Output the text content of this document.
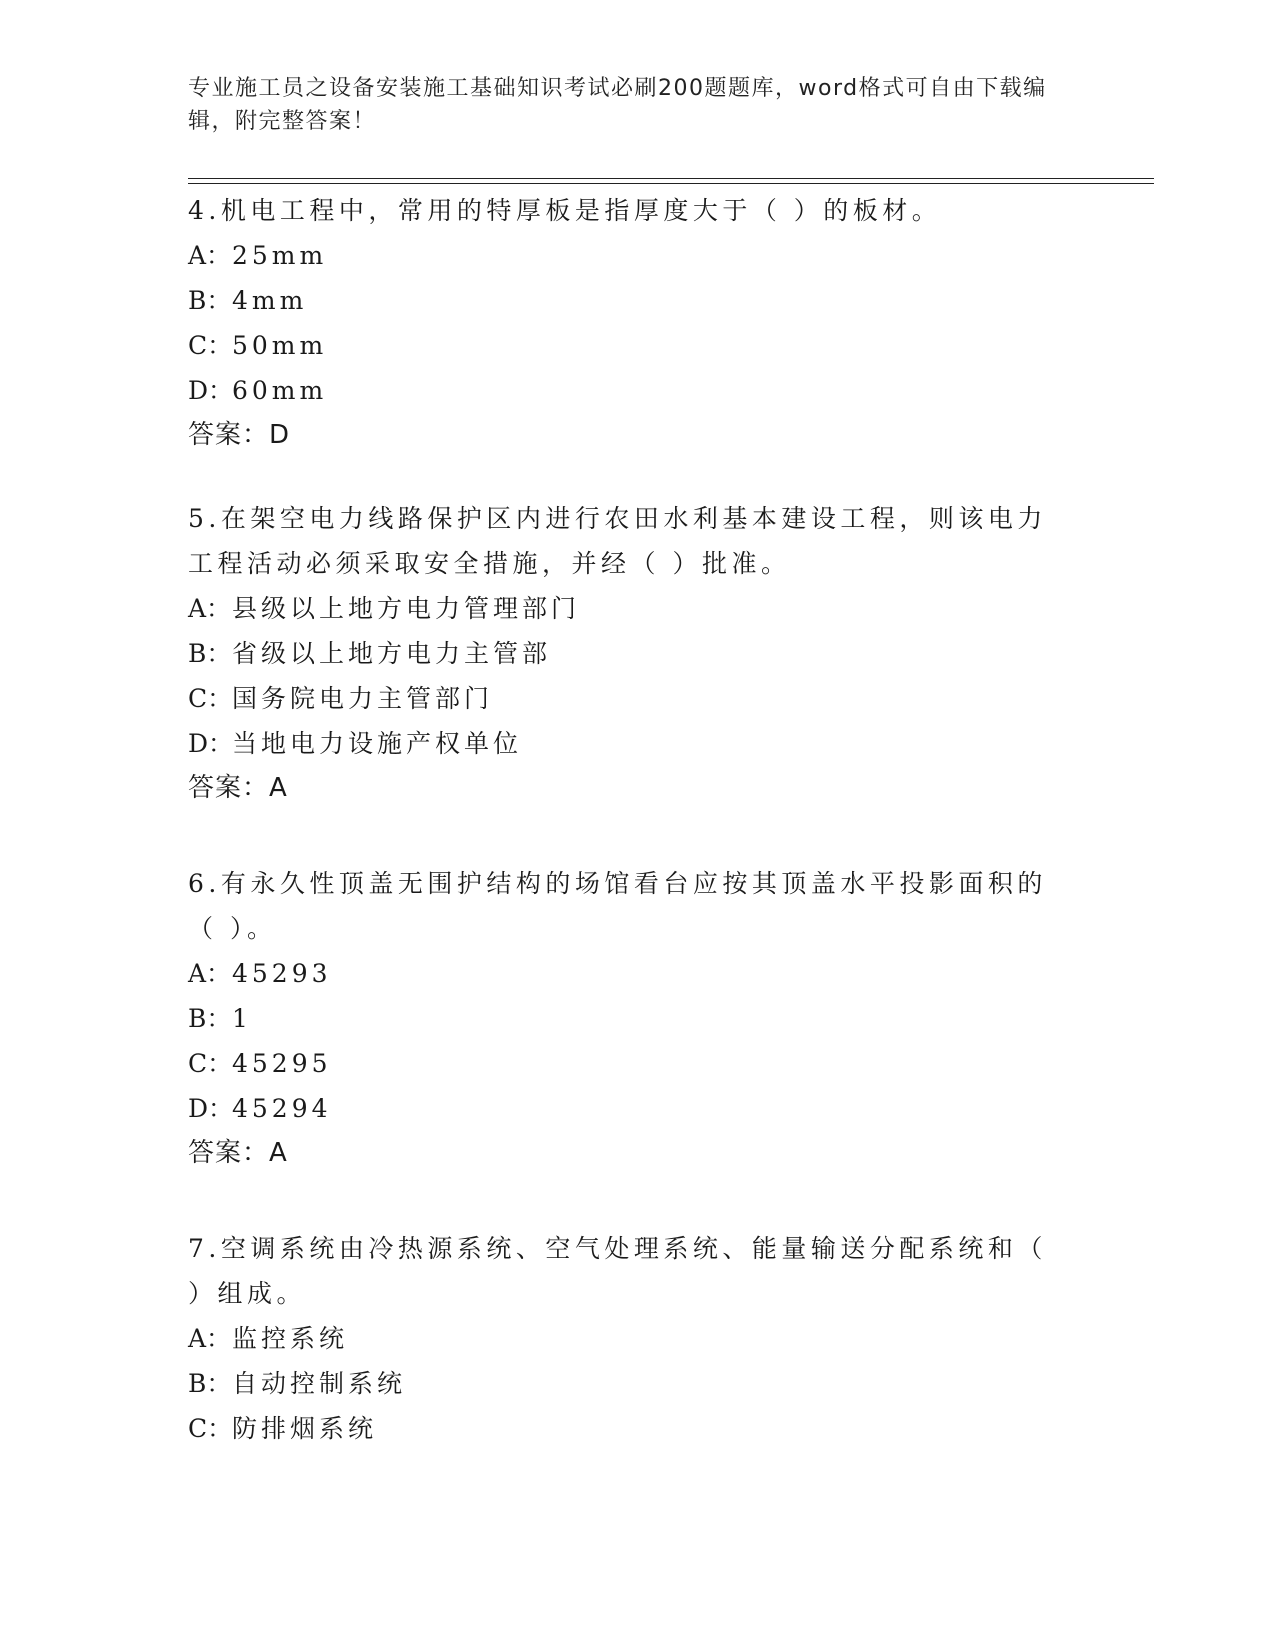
专业施工员之设备安装施工基础知识考试必刷200题题库，word格式可自由下载编辑，附完整答案！

4.机电工程中，常用的特厚板是指厚度大于（ ）的板材。

A：25mm

B：4mm

C：50mm

D：60mm

答案：D

5.在架空电力线路保护区内进行农田水利基本建设工程，则该电力工程活动必须采取安全措施，并经（ ）批准。

A：县级以上地方电力管理部门

B：省级以上地方电力主管部

C：国务院电力主管部门

D：当地电力设施产权单位

答案：A

6.有永久性顶盖无围护结构的场馆看台应按其顶盖水平投影面积的（ ）。

A：45293

B：1

C：45295

D：45294

答案：A

7.空调系统由冷热源系统、空气处理系统、能量输送分配系统和（ ）组成。

A：监控系统

B：自动控制系统

C：防排烟系统
